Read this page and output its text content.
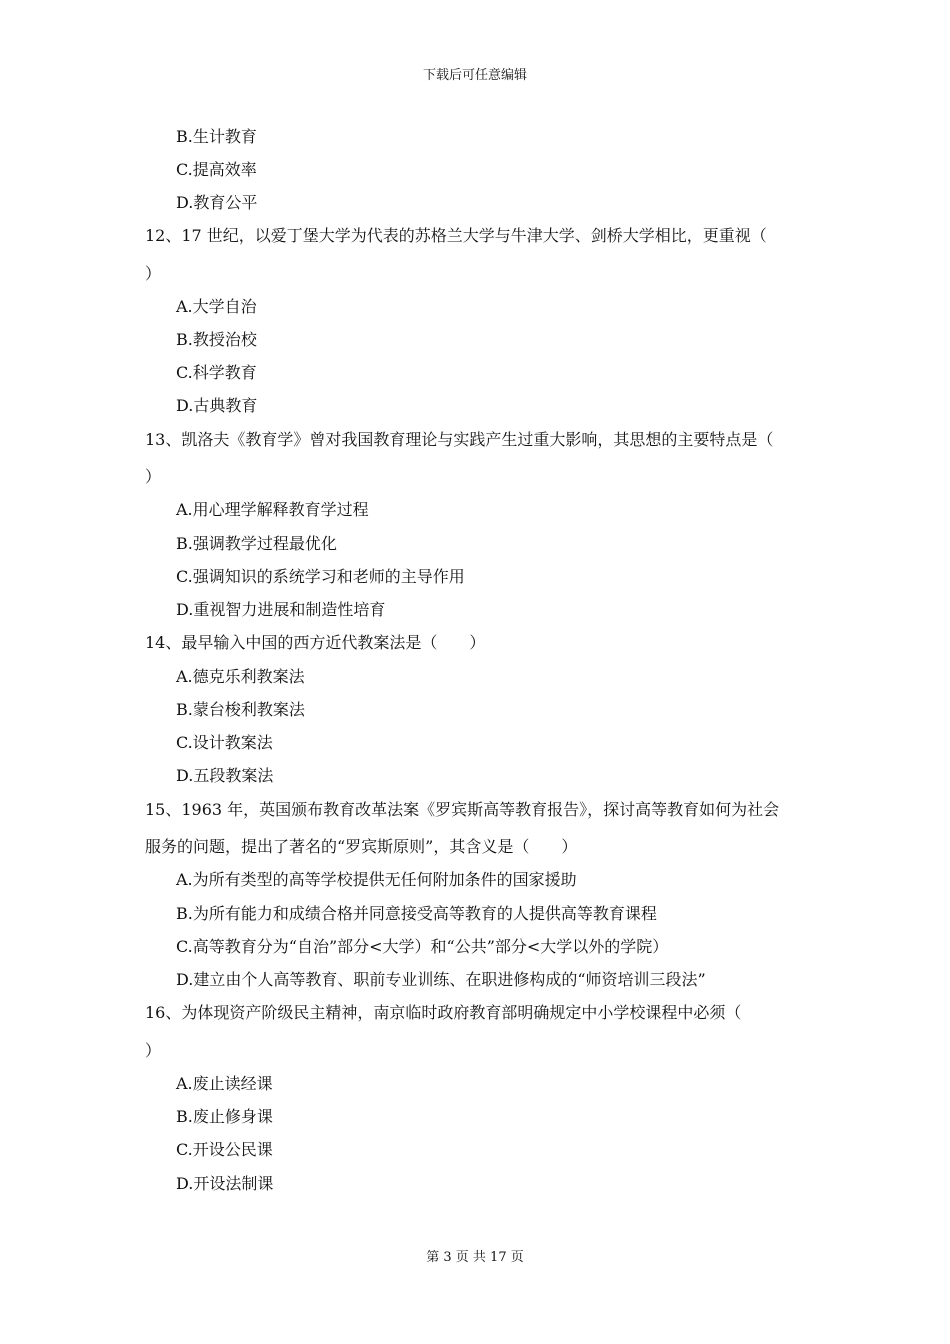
下载后可任意编辑
B.生计教育
C.提高效率
D.教育公平
12、17 世纪，以爱丁堡大学为代表的苏格兰大学与牛津大学、剑桥大学相比，更重视（
）
A.大学自治
B.教授治校
C.科学教育
D.古典教育
13、凯洛夫《教育学》曾对我国教育理论与实践产生过重大影响，其思想的主要特点是（
）
A.用心理学解释教育学过程
B.强调教学过程最优化
C.强调知识的系统学习和老师的主导作用
D.重视智力进展和制造性培育
14、最早输入中国的西方近代教案法是（　　）
A.德克乐利教案法
B.蒙台梭利教案法
C.设计教案法
D.五段教案法
15、1963 年，英国颁布教育改革法案《罗宾斯高等教育报告》，探讨高等教育如何为社会
服务的问题，提出了著名的“罗宾斯原则”，其含义是（　　）
A.为所有类型的高等学校提供无任何附加条件的国家援助
B.为所有能力和成绩合格并同意接受高等教育的人提供高等教育课程
C.高等教育分为“自治”部分<大学）和“公共”部分<大学以外的学院）
D.建立由个人高等教育、职前专业训练、在职进修构成的“师资培训三段法”
16、为体现资产阶级民主精神，南京临时政府教育部明确规定中小学校课程中必须（
）
A.废止读经课
B.废止修身课
C.开设公民课
D.开设法制课
第 3 页 共 17 页
